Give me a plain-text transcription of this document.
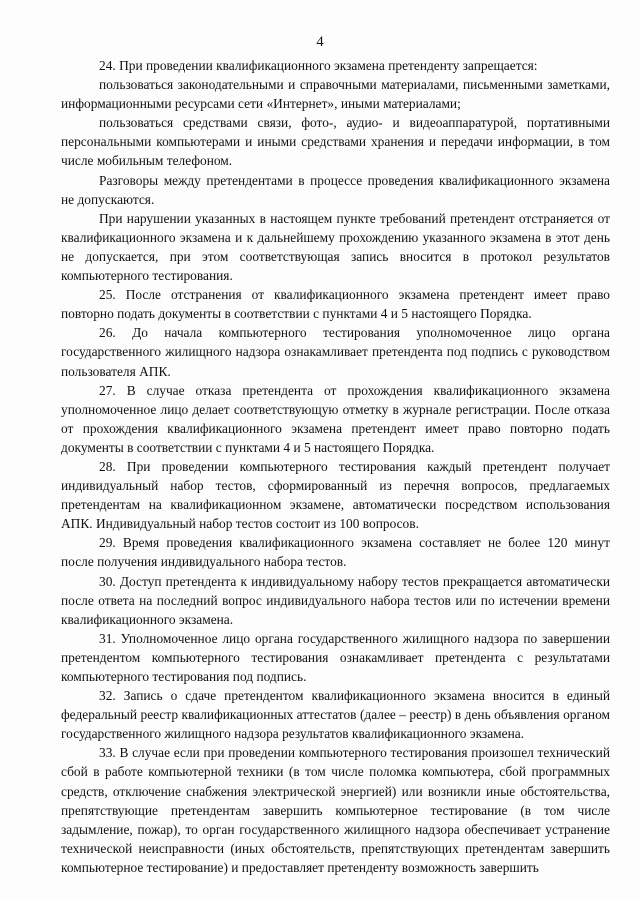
4

24. При проведении квалификационного экзамена претенденту запрещается:

пользоваться законодательными и справочными материалами, письменными заметками, информационными ресурсами сети «Интернет», иными материалами;

пользоваться средствами связи, фото-, аудио- и видеоаппаратурой, портативными персональными компьютерами и иными средствами хранения и передачи информации, в том числе мобильным телефоном.

Разговоры между претендентами в процессе проведения квалификационного экзамена не допускаются.

При нарушении указанных в настоящем пункте требований претендент отстраняется от квалификационного экзамена и к дальнейшему прохождению указанного экзамена в этот день не допускается, при этом соответствующая запись вносится в протокол результатов компьютерного тестирования.

25. После отстранения от квалификационного экзамена претендент имеет право повторно подать документы в соответствии с пунктами 4 и 5 настоящего Порядка.

26. До начала компьютерного тестирования уполномоченное лицо органа государственного жилищного надзора ознакамливает претендента под подпись с руководством пользователя АПК.

27. В случае отказа претендента от прохождения квалификационного экзамена уполномоченное лицо делает соответствующую отметку в журнале регистрации. После отказа от прохождения квалификационного экзамена претендент имеет право повторно подать документы в соответствии с пунктами 4 и 5 настоящего Порядка.

28. При проведении компьютерного тестирования каждый претендент получает индивидуальный набор тестов, сформированный из перечня вопросов, предлагаемых претендентам на квалификационном экзамене, автоматически посредством использования АПК. Индивидуальный набор тестов состоит из 100 вопросов.

29. Время проведения квалификационного экзамена составляет не более 120 минут после получения индивидуального набора тестов.

30. Доступ претендента к индивидуальному набору тестов прекращается автоматически после ответа на последний вопрос индивидуального набора тестов или по истечении времени квалификационного экзамена.

31. Уполномоченное лицо органа государственного жилищного надзора по завершении претендентом компьютерного тестирования ознакамливает претендента с результатами компьютерного тестирования под подпись.

32. Запись о сдаче претендентом квалификационного экзамена вносится в единый федеральный реестр квалификационных аттестатов (далее – реестр) в день объявления органом государственного жилищного надзора результатов квалификационного экзамена.

33. В случае если при проведении компьютерного тестирования произошел технический сбой в работе компьютерной техники (в том числе поломка компьютера, сбой программных средств, отключение снабжения электрической энергией) или возникли иные обстоятельства, препятствующие претендентам завершить компьютерное тестирование (в том числе задымление, пожар), то орган государственного жилищного надзора обеспечивает устранение технической неисправности (иных обстоятельств, препятствующих претендентам завершить компьютерное тестирование) и предоставляет претенденту возможность завершить
